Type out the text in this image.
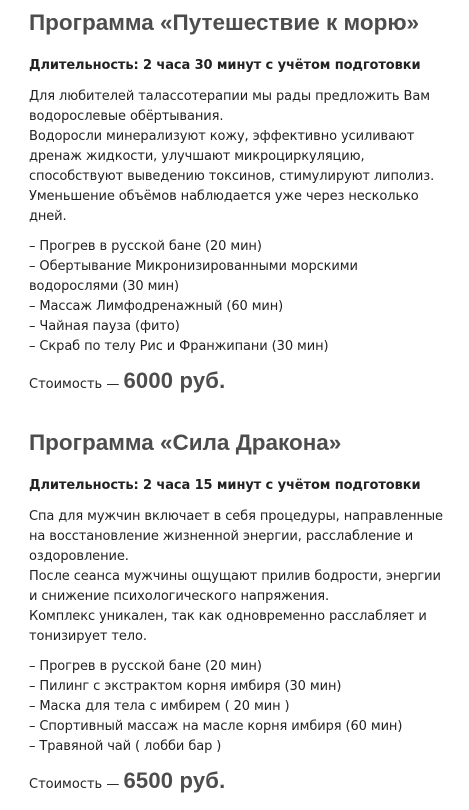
Программа «Путешествие к морю»
Длительность: 2 часа 30 минут с учётом подготовки

Для любителей талассотерапии мы рады предложить Вам водорослевые обёртывания.

Водоросли минерализуют кожу, эффективно усиливают дренаж жидкости, улучшают микроциркуляцию, способствуют выведению токсинов, стимулируют липолиз. Уменьшение объёмов наблюдается уже через несколько дней.

– Прогрев в русской бане (20 мин)
– Обертывание Микронизированными морскими водорослями (30 мин)
– Массаж Лимфодренажный (60 мин)
– Чайная пауза (фито)
– Скраб по телу Рис и Франжипани (30 мин)
Стоимость — 6000 руб.
Программа «Сила Дракона»
Длительность: 2 часа 15 минут с учётом подготовки

Спа для мужчин включает в себя процедуры, направленные на восстановление жизненной энергии, расслабление и оздоровление.

После сеанса мужчины ощущают прилив бодрости, энергии и снижение психологического напряжения.

Комплекс уникален, так как одновременно расслабляет и тонизирует тело.

– Прогрев в русской бане (20 мин)
– Пилинг с экстрактом корня имбиря (30 мин)
– Маска для тела с имбирем ( 20 мин )
– Спортивный массаж на масле корня имбиря (60 мин)
– Травяной чай ( лобби бар )
Стоимость — 6500 руб.
